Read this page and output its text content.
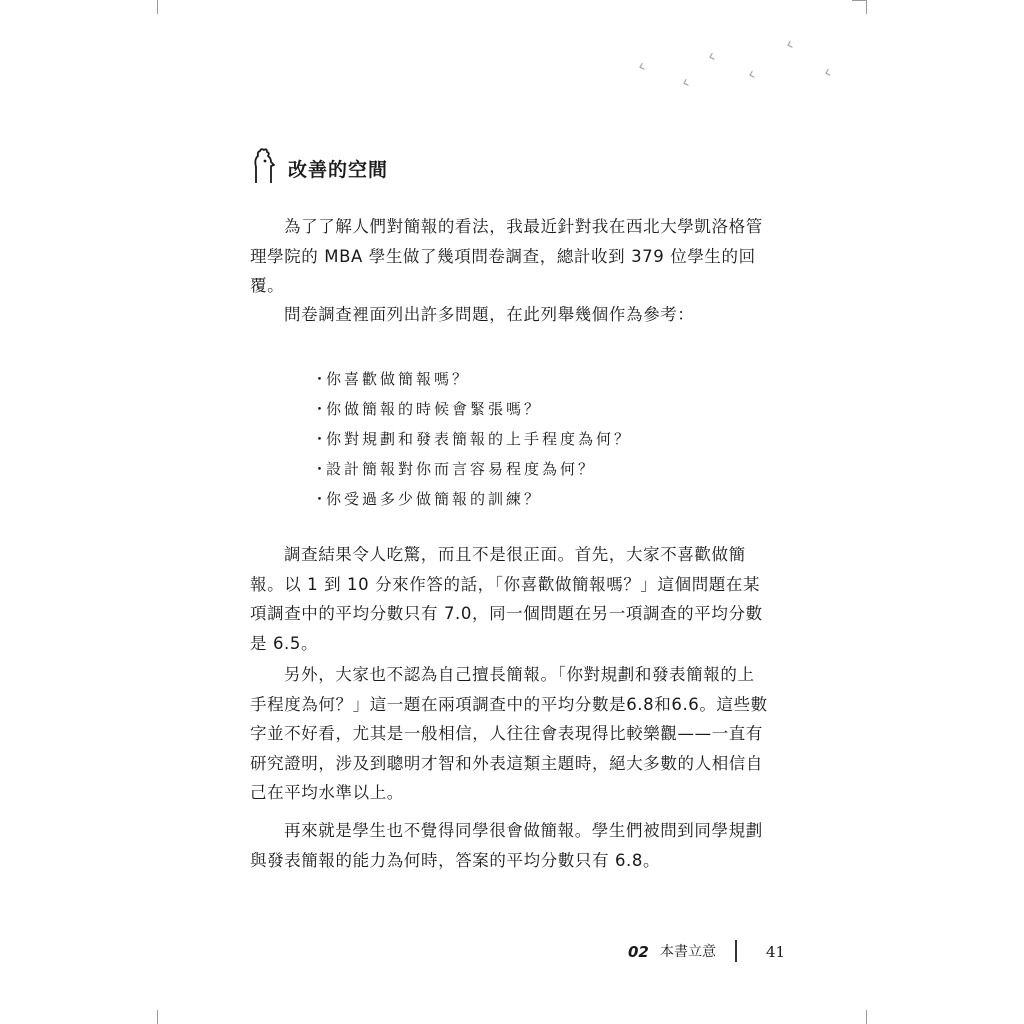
‹
‹
‹
‹
‹
‹
改善的空間

為了了解人們對簡報的看法，我最近針對我在西北大學凱洛格管理學院的 MBA 學生做了幾項問卷調查，總計收到 379 位學生的回覆。

問卷調查裡面列出許多問題，在此列舉幾個作為參考：

・你喜歡做簡報嗎？
・你做簡報的時候會緊張嗎？
・你對規劃和發表簡報的上手程度為何？
・設計簡報對你而言容易程度為何？
・你受過多少做簡報的訓練？

調查結果令人吃驚，而且不是很正面。首先，大家不喜歡做簡報。以 1 到 10 分來作答的話，「你喜歡做簡報嗎？」這個問題在某項調查中的平均分數只有 7.0，同一個問題在另一項調查的平均分數是 6.5。

另外，大家也不認為自己擅長簡報。「你對規劃和發表簡報的上手程度為何？」這一題在兩項調查中的平均分數是6.8和6.6。這些數字並不好看，尤其是一般相信，人往往會表現得比較樂觀——一直有研究證明，涉及到聰明才智和外表這類主題時，絕大多數的人相信自己在平均水準以上。

再來就是學生也不覺得同學很會做簡報。學生們被問到同學規劃與發表簡報的能力為何時，答案的平均分數只有 6.8。

02 本書立意	41
